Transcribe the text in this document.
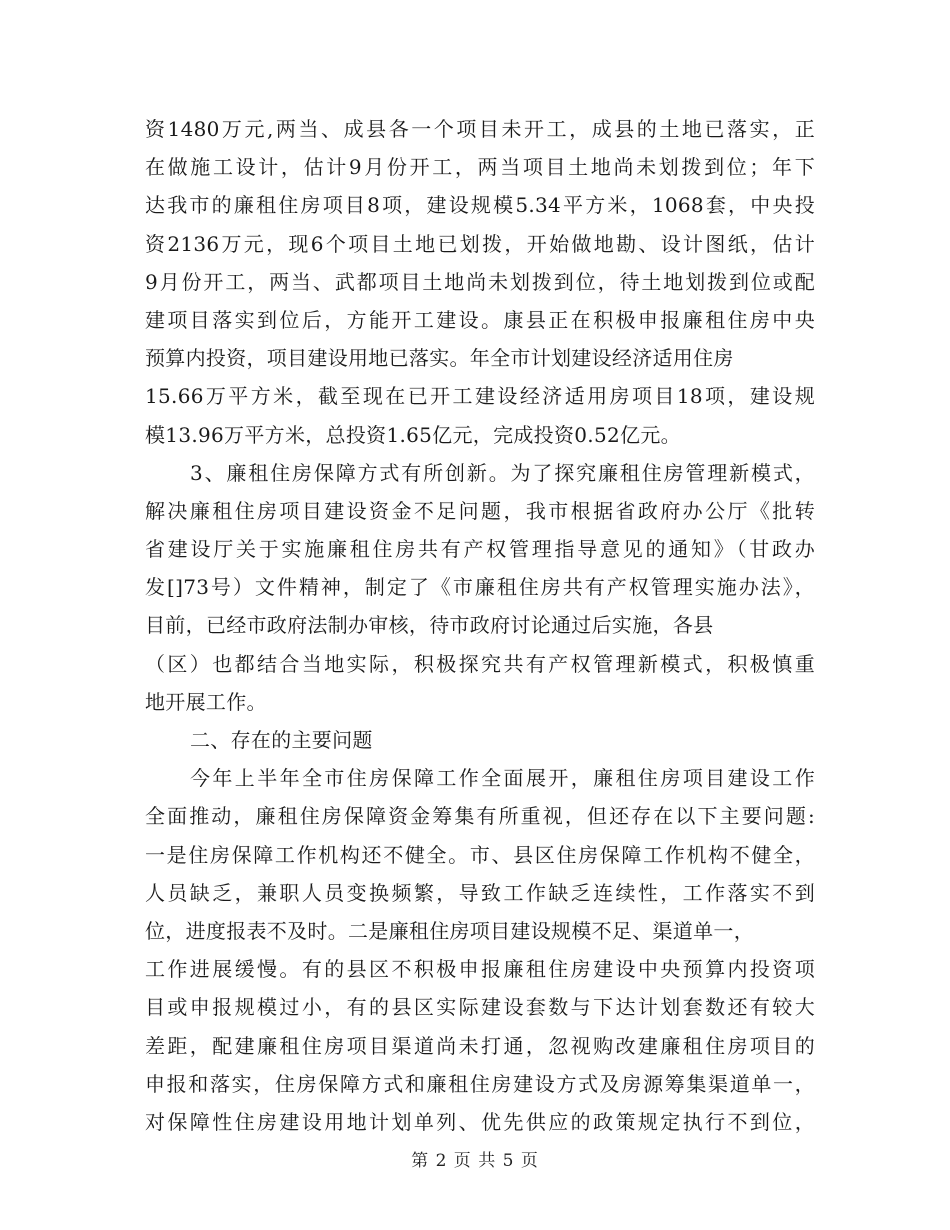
资1480万元,两当、成县各一个项目未开工，成县的土地已落实，正
在做施工设计，估计9月份开工，两当项目土地尚未划拨到位；年下
达我市的廉租住房项目8项，建设规模5.34平方米，1068套，中央投
资2136万元，现6个项目土地已划拨，开始做地勘、设计图纸，估计
9月份开工，两当、武都项目土地尚未划拨到位，待土地划拨到位或配
建项目落实到位后，方能开工建设。康县正在积极申报廉租住房中央
预算内投资，项目建设用地已落实。年全市计划建设经济适用住房
15.66万平方米，截至现在已开工建设经济适用房项目18项，建设规
模13.96万平方米，总投资1.65亿元，完成投资0.52亿元。
3、廉租住房保障方式有所创新。为了探究廉租住房管理新模式，
解决廉租住房项目建设资金不足问题，我市根据省政府办公厅《批转
省建设厅关于实施廉租住房共有产权管理指导意见的通知》（甘政办
发[]73号）文件精神，制定了《市廉租住房共有产权管理实施办法》，
目前，已经市政府法制办审核，待市政府讨论通过后实施，各县
（区）也都结合当地实际，积极探究共有产权管理新模式，积极慎重
地开展工作。
二、存在的主要问题
今年上半年全市住房保障工作全面展开，廉租住房项目建设工作
全面推动，廉租住房保障资金筹集有所重视，但还存在以下主要问题:
一是住房保障工作机构还不健全。市、县区住房保障工作机构不健全，
人员缺乏，兼职人员变换频繁，导致工作缺乏连续性，工作落实不到
位，进度报表不及时。二是廉租住房项目建设规模不足、渠道单一，
工作进展缓慢。有的县区不积极申报廉租住房建设中央预算内投资项
目或申报规模过小，有的县区实际建设套数与下达计划套数还有较大
差距，配建廉租住房项目渠道尚未打通，忽视购改建廉租住房项目的
申报和落实，住房保障方式和廉租住房建设方式及房源筹集渠道单一，
对保障性住房建设用地计划单列、优先供应的政策规定执行不到位，
第 2 页 共 5 页
